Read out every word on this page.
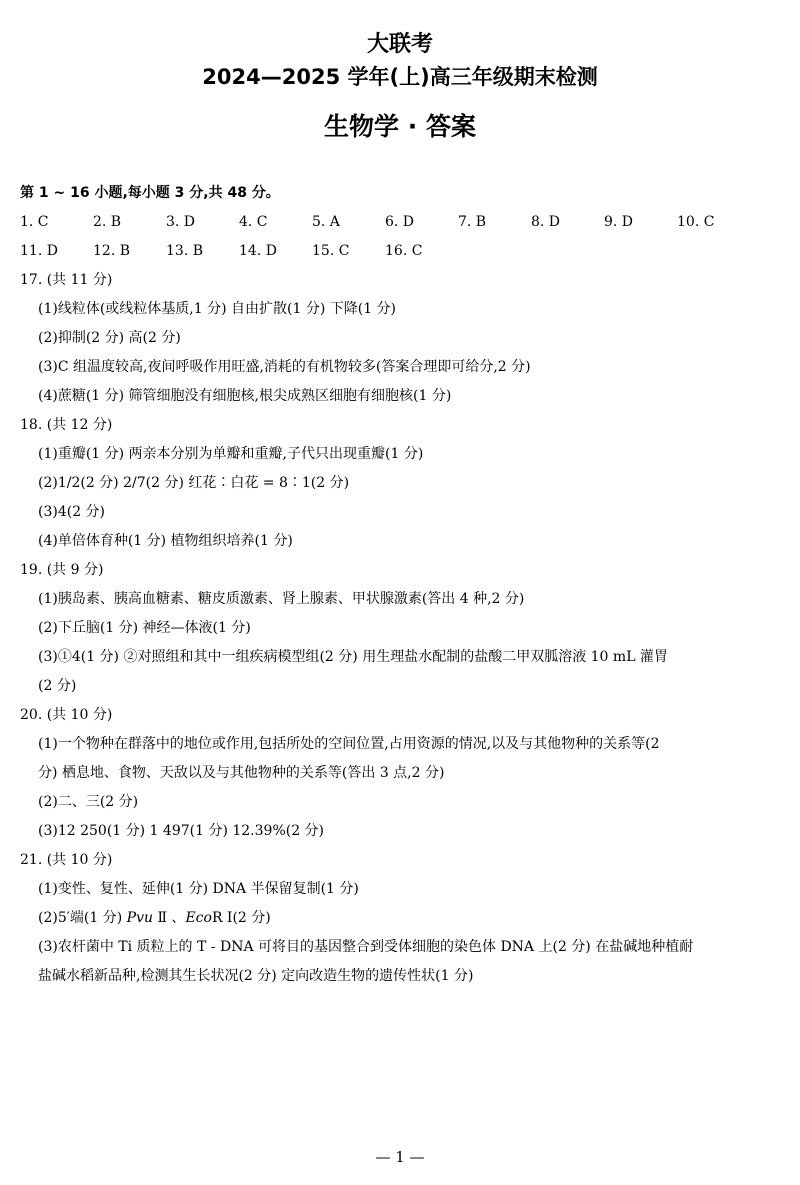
大联考
2024—2025 学年(上)高三年级期末检测
生物学 · 答案
第 1 ~ 16 小题,每小题 3 分,共 48 分。
1. C	2. B	3. D	4. C	5. A	6. D	7. B	8. D	9. D	10. C
11. D	12. B	13. B	14. D	15. C	16. C
17. (共 11 分)
(1)线粒体(或线粒体基质,1 分) 自由扩散(1 分) 下降(1 分)
(2)抑制(2 分) 高(2 分)
(3)C 组温度较高,夜间呼吸作用旺盛,消耗的有机物较多(答案合理即可给分,2 分)
(4)蔗糖(1 分) 筛管细胞没有细胞核,根尖成熟区细胞有细胞核(1 分)
18. (共 12 分)
(1)重瓣(1 分) 两亲本分别为单瓣和重瓣,子代只出现重瓣(1 分)
(2)1/2(2 分) 2/7(2 分) 红花∶白花 = 8∶1(2 分)
(3)4(2 分)
(4)单倍体育种(1 分) 植物组织培养(1 分)
19. (共 9 分)
(1)胰岛素、胰高血糖素、糖皮质激素、肾上腺素、甲状腺激素(答出 4 种,2 分)
(2)下丘脑(1 分) 神经—体液(1 分)
(3)①4(1 分) ②对照组和其中一组疾病模型组(2 分) 用生理盐水配制的盐酸二甲双胍溶液 10 mL 灌胃
(2 分)
20. (共 10 分)
(1)一个物种在群落中的地位或作用,包括所处的空间位置,占用资源的情况,以及与其他物种的关系等(2
分) 栖息地、食物、天敌以及与其他物种的关系等(答出 3 点,2 分)
(2)二、三(2 分)
(3)12 250(1 分) 1 497(1 分) 12.39%(2 分)
21. (共 10 分)
(1)变性、复性、延伸(1 分) DNA 半保留复制(1 分)
(2)5′端(1 分) Pvu Ⅱ 、EcoR Ⅰ(2 分)
(3)农杆菌中 Ti 质粒上的 T - DNA 可将目的基因整合到受体细胞的染色体 DNA 上(2 分) 在盐碱地种植耐
盐碱水稻新品种,检测其生长状况(2 分) 定向改造生物的遗传性状(1 分)
— 1 —
